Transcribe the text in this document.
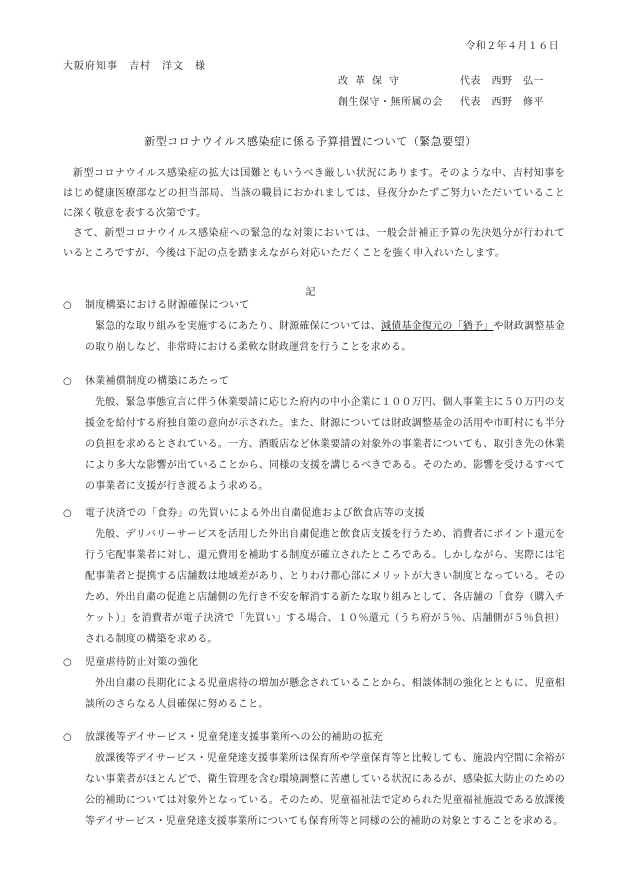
令和２年４月１６日
大阪府知事　吉村　洋文　様
改革保守	代表　西野　弘一
創生保守・無所属の会 代表　西野　修平
新型コロナウイルス感染症に係る予算措置について（緊急要望）
新型コロナウイルス感染症の拡大は国難ともいうべき厳しい状況にあります。そのような中、吉村知事をはじめ健康医療部などの担当部局、当該の職員におかれましては、昼夜分かたずご努力いただいていることに深く敬意を表する次第です。
さて、新型コロナウイルス感染症への緊急的な対策においては、一般会計補正予算の先決処分が行われているところですが、今後は下記の点を踏まえながら対応いただくことを強く申入れいたします。
記
○ 制度構築における財源確保について
緊急的な取り組みを実施するにあたり、財源確保については、減債基金復元の「猶予」や財政調整基金の取り崩しなど、非常時における柔軟な財政運営を行うことを求める。
○ 休業補償制度の構築にあたって
先般、緊急事態宣言に伴う休業要請に応じた府内の中小企業に１００万円、個人事業主に５０万円の支援金を給付する府独自策の意向が示された。また、財源については財政調整基金の活用や市町村にも半分の負担を求めるとされている。一方、酒販店など休業要請の対象外の事業者についても、取引き先の休業により多大な影響が出ていることから、同様の支援を講じるべきである。そのため、影響を受けるすべての事業者に支援が行き渡るよう求める。
○ 電子決済での「食券」の先買いによる外出自粛促進および飲食店等の支援
先般、デリバリーサービスを活用した外出自粛促進と飲食店支援を行うため、消費者にポイント還元を行う宅配事業者に対し、還元費用を補助する制度が確立されたところである。しかしながら、実際には宅配事業者と提携する店舗数は地域差があり、とりわけ都心部にメリットが大きい制度となっている。そのため、外出自粛の促進と店舗側の先行き不安を解消する新たな取り組みとして、各店舗の「食券（購入チケット）」を消費者が電子決済で「先買い」する場合、１０％還元（うち府が５％、店舗側が５％負担）される制度の構築を求める。
○ 児童虐待防止対策の強化
外出自粛の長期化による児童虐待の増加が懸念されていることから、相談体制の強化とともに、児童相談所のさらなる人員確保に努めること。
○ 放課後等デイサービス・児童発達支援事業所への公的補助の拡充
放課後等デイサービス・児童発達支援事業所は保育所や学童保育等と比較しても、施設内空間に余裕がない事業者がほとんどで、衛生管理を含む環境調整に苦慮している状況にあるが、感染拡大防止のための公的補助については対象外となっている。そのため、児童福祉法で定められた児童福祉施設である放課後等デイサービス・児童発達支援事業所についても保育所等と同様の公的補助の対象とすることを求める。
